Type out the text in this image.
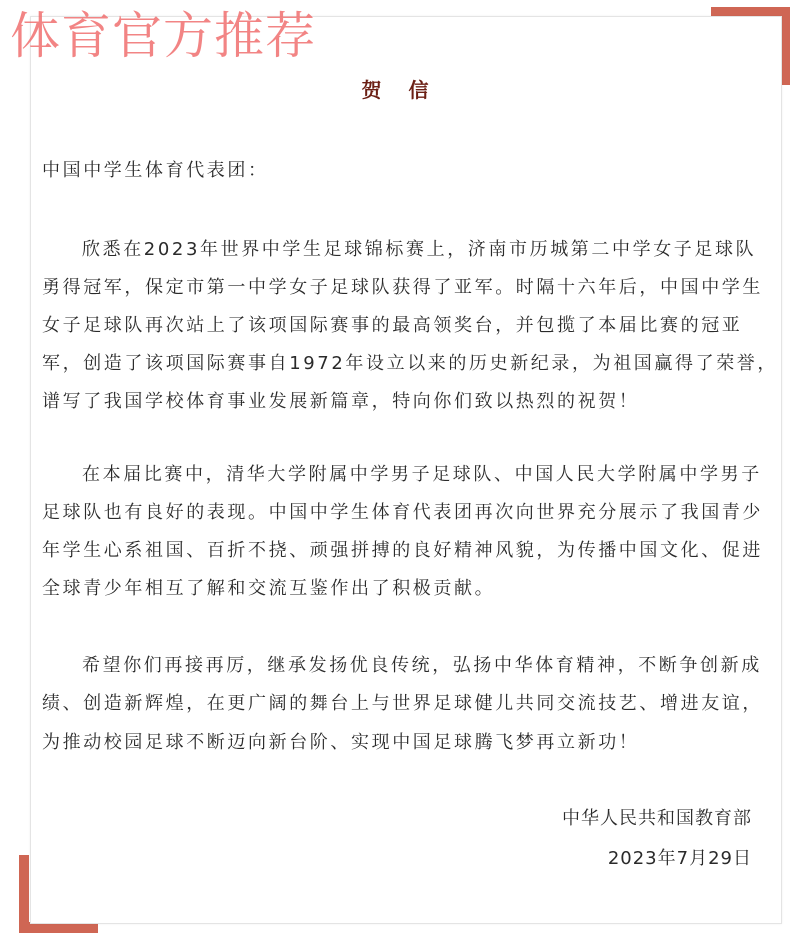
体育官方推荐
贺 信
中国中学生体育代表团：
欣悉在2023年世界中学生足球锦标赛上，济南市历城第二中学女子足球队
勇得冠军，保定市第一中学女子足球队获得了亚军。时隔十六年后，中国中学生
女子足球队再次站上了该项国际赛事的最高领奖台，并包揽了本届比赛的冠亚
军，创造了该项国际赛事自1972年设立以来的历史新纪录，为祖国赢得了荣誉，
谱写了我国学校体育事业发展新篇章，特向你们致以热烈的祝贺！
在本届比赛中，清华大学附属中学男子足球队、中国人民大学附属中学男子
足球队也有良好的表现。中国中学生体育代表团再次向世界充分展示了我国青少
年学生心系祖国、百折不挠、顽强拼搏的良好精神风貌，为传播中国文化、促进
全球青少年相互了解和交流互鉴作出了积极贡献。
希望你们再接再厉，继承发扬优良传统，弘扬中华体育精神，不断争创新成
绩、创造新辉煌，在更广阔的舞台上与世界足球健儿共同交流技艺、增进友谊，
为推动校园足球不断迈向新台阶、实现中国足球腾飞梦再立新功！
中华人民共和国教育部
2023年7月29日
